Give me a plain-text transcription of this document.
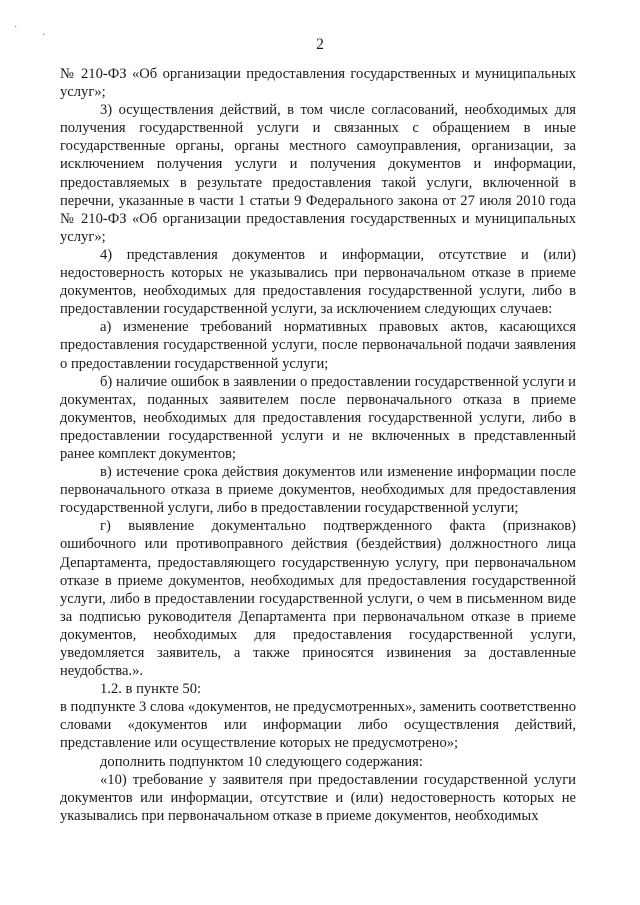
·
·
2

№ 210-ФЗ «Об организации предоставления государственных и муниципальных услуг»;

3) осуществления действий, в том числе согласований, необходимых для получения государственной услуги и связанных с обращением в иные государственные органы, органы местного самоуправления, организации, за исключением получения услуги и получения документов и информации, предоставляемых в результате предоставления такой услуги, включенной в перечни, указанные в части 1 статьи 9 Федерального закона от 27 июля 2010 года № 210-ФЗ «Об организации предоставления государственных и муниципальных услуг»;

4) представления документов и информации, отсутствие и (или) недостоверность которых не указывались при первоначальном отказе в приеме документов, необходимых для предоставления государственной услуги, либо в предоставлении государственной услуги, за исключением следующих случаев:

а) изменение требований нормативных правовых актов, касающихся предоставления государственной услуги, после первоначальной подачи заявления о предоставлении государственной услуги;

б) наличие ошибок в заявлении о предоставлении государственной услуги и документах, поданных заявителем после первоначального отказа в приеме документов, необходимых для предоставления государственной услуги, либо в предоставлении государственной услуги и не включенных в представленный ранее комплект документов;

в) истечение срока действия документов или изменение информации после первоначального отказа в приеме документов, необходимых для предоставления государственной услуги, либо в предоставлении государственной услуги;

г) выявление документально подтвержденного факта (признаков) ошибочного или противоправного действия (бездействия) должностного лица Департамента, предоставляющего государственную услугу, при первоначальном отказе в приеме документов, необходимых для предоставления государственной услуги, либо в предоставлении государственной услуги, о чем в письменном виде за подписью руководителя Департамента при первоначальном отказе в приеме документов, необходимых для предоставления государственной услуги, уведомляется заявитель, а также приносятся извинения за доставленные неудобства.».

1.2. в пункте 50:

в подпункте 3 слова «документов, не предусмотренных», заменить соответственно словами «документов или информации либо осуществления действий, представление или осуществление которых не предусмотрено»;

дополнить подпунктом 10 следующего содержания:

«10) требование у заявителя при предоставлении государственной услуги документов или информации, отсутствие и (или) недостоверность которых не указывались при первоначальном отказе в приеме документов, необходимых
